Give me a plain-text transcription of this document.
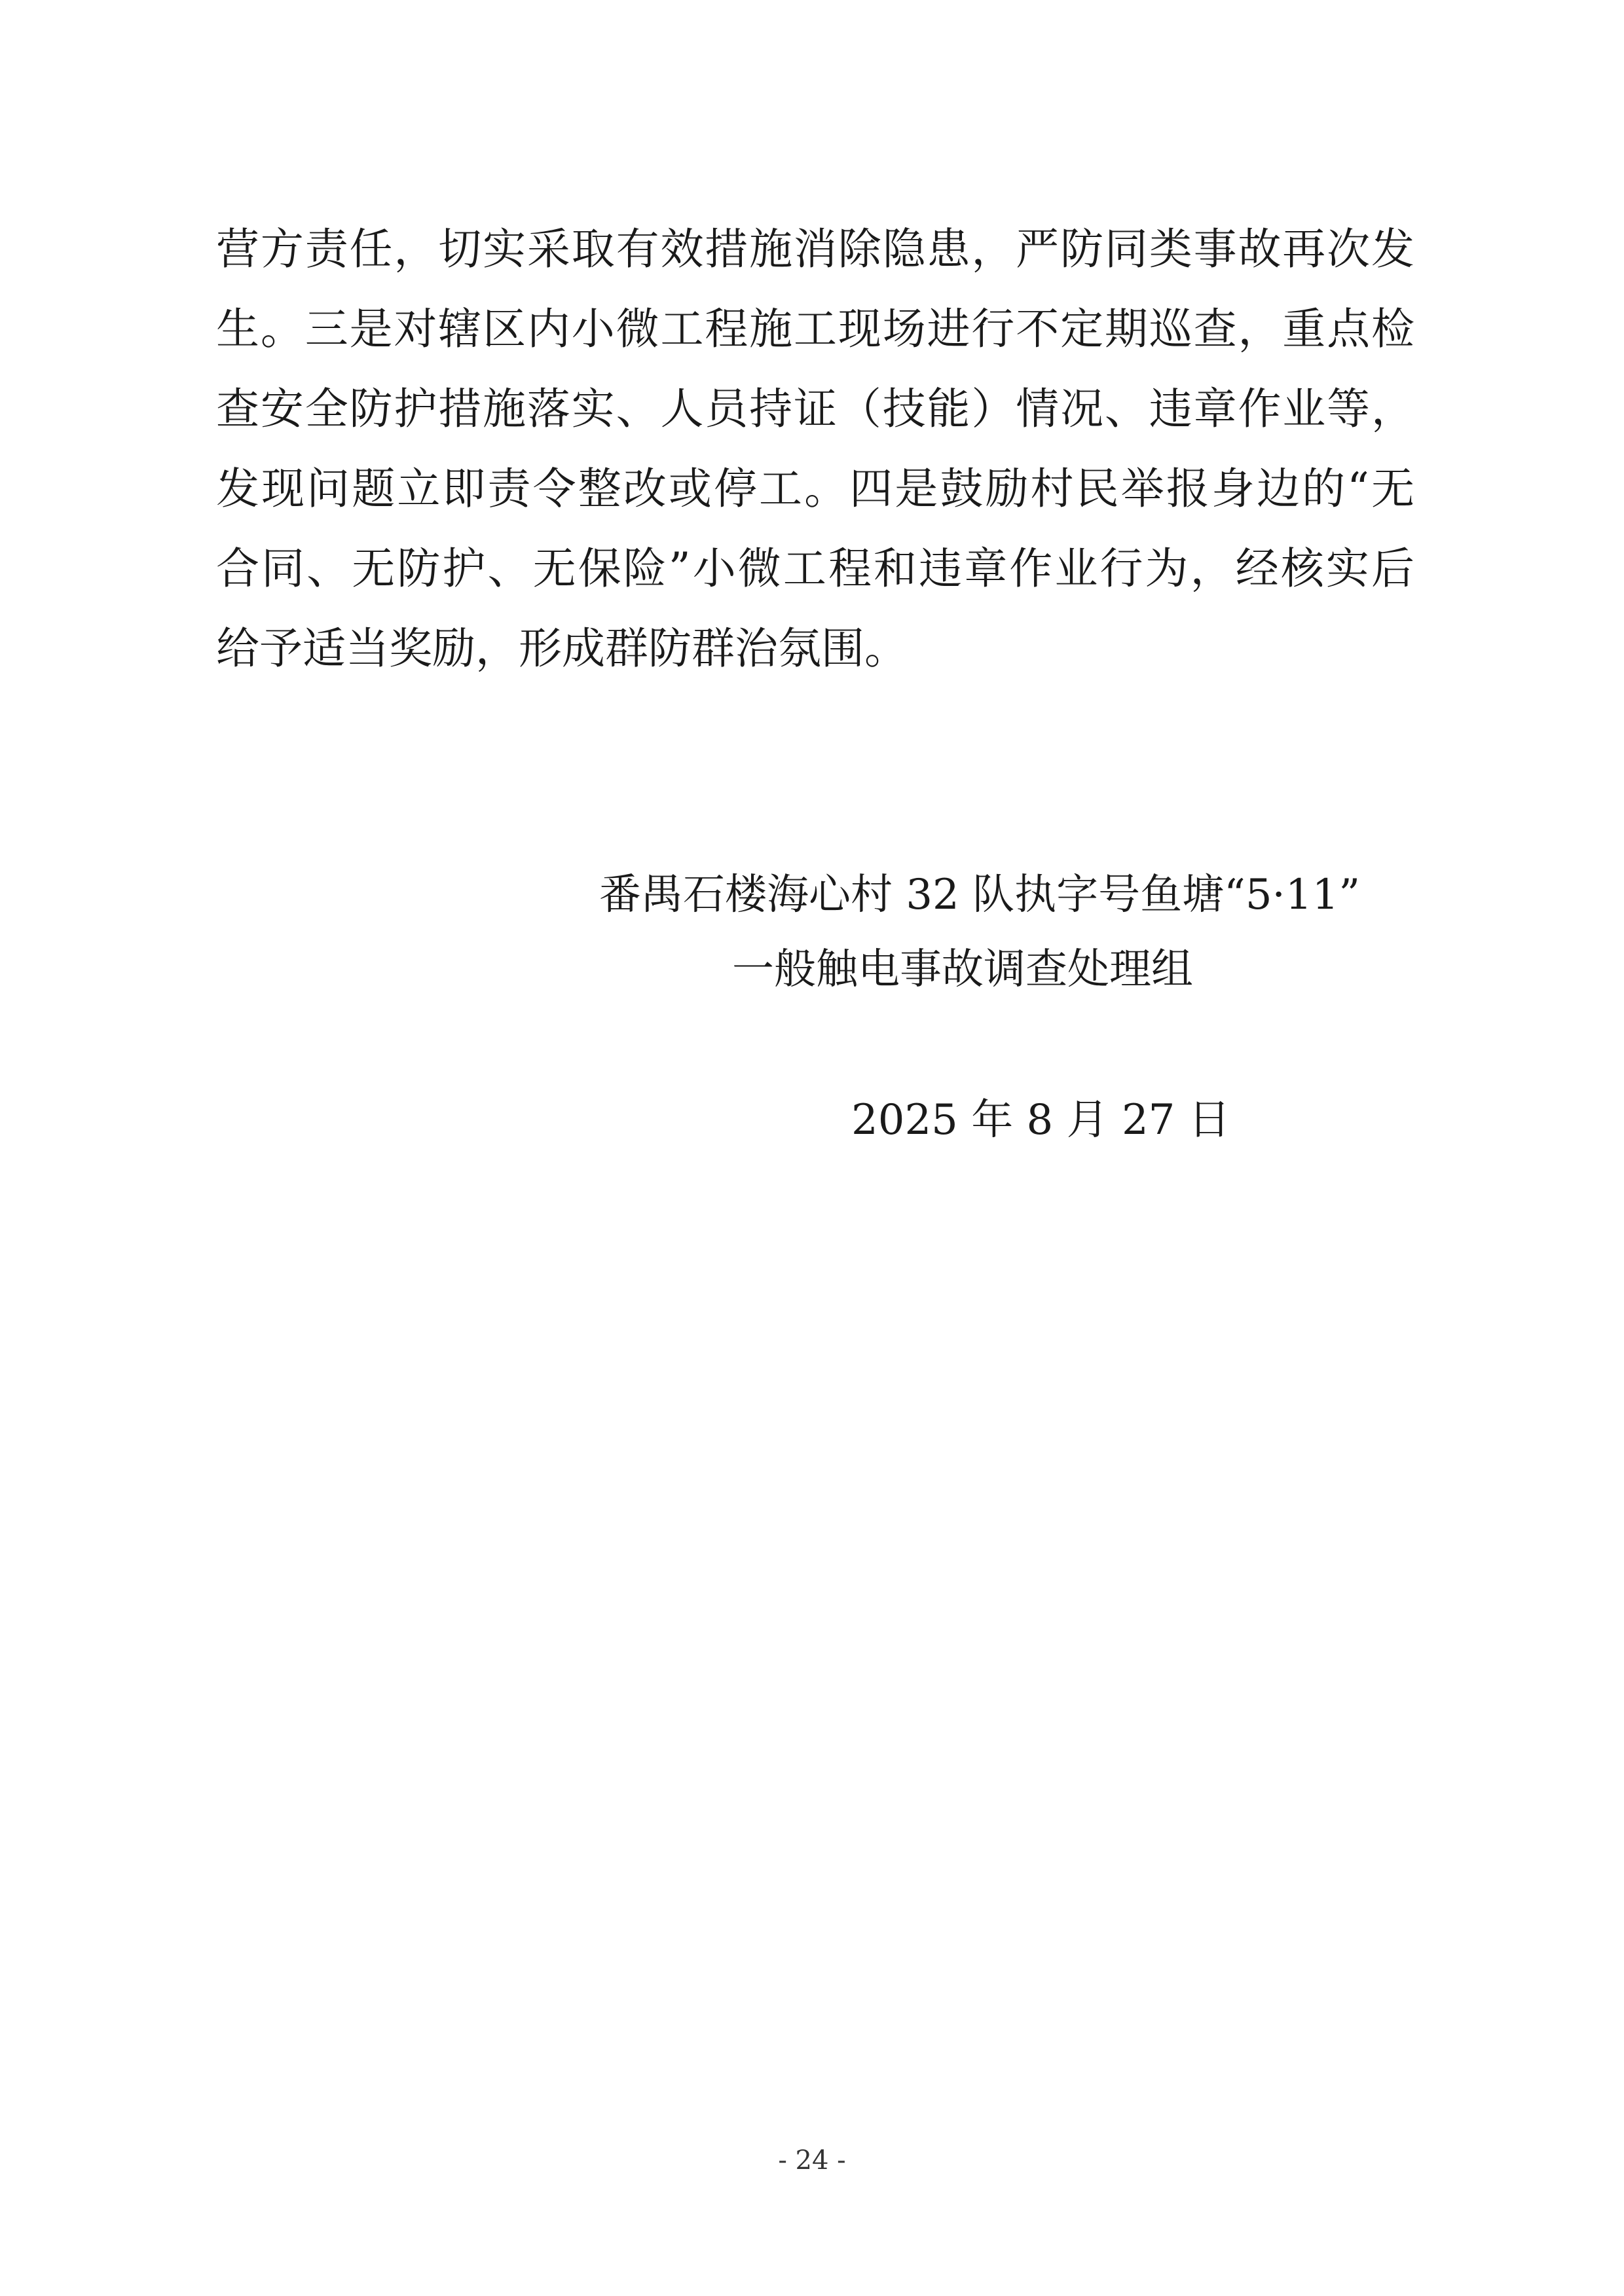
营方责任，切实采取有效措施消除隐患，严防同类事故再次发
生。三是对辖区内小微工程施工现场进行不定期巡查，重点检
查安全防护措施落实、人员持证（技能）情况、违章作业等，
发现问题立即责令整改或停工。四是鼓励村民举报身边的“无
合同、无防护、无保险”小微工程和违章作业行为，经核实后
给予适当奖励，形成群防群治氛围。
番禺石楼海心村 32 队执字号鱼塘“5·11”
一般触电事故调查处理组
2025 年 8 月 27 日
- 24 -
